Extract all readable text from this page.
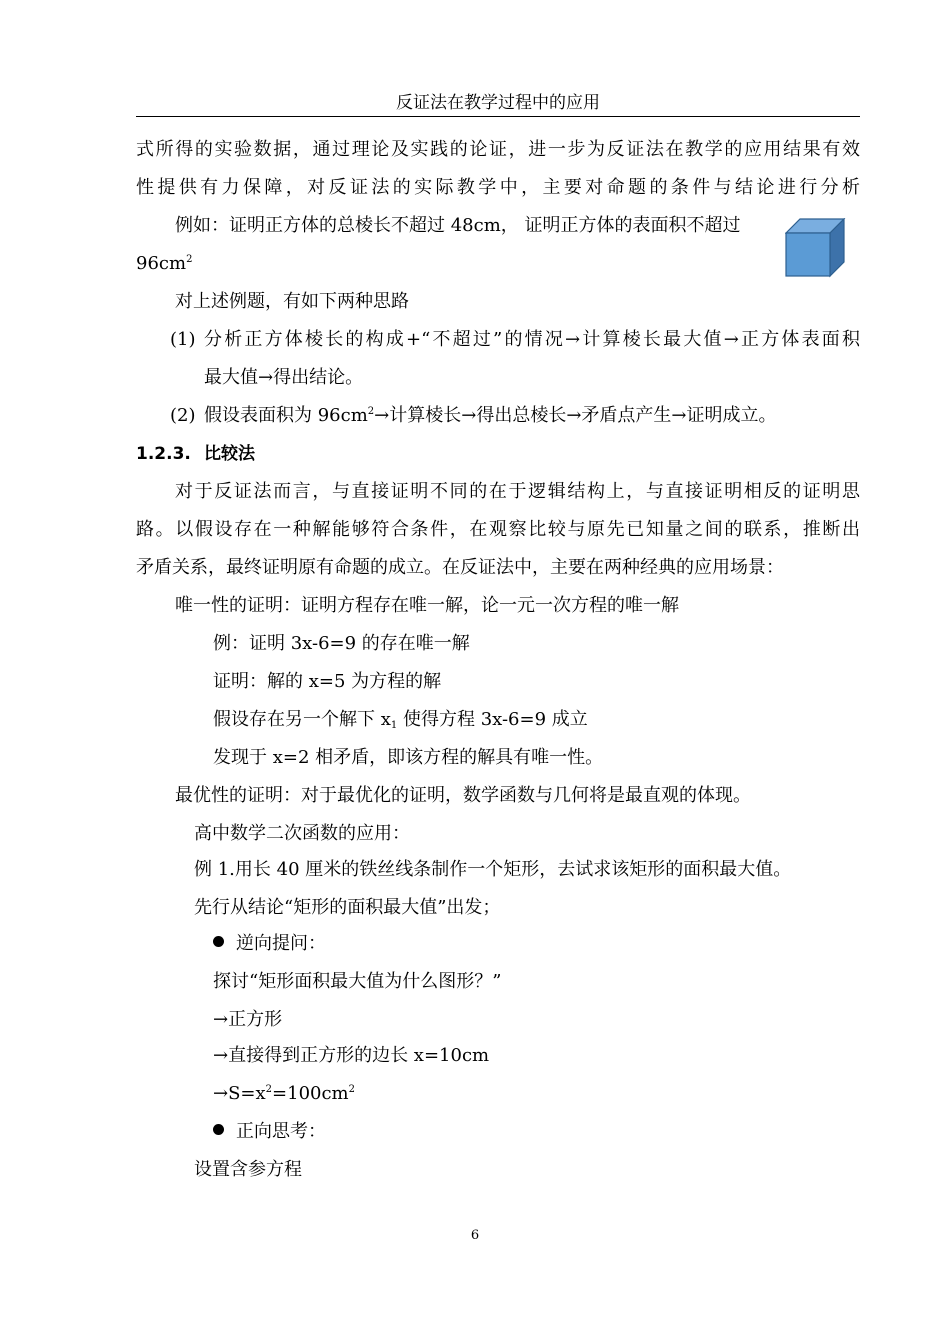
反证法在教学过程中的应用
式所得的实验数据，通过理论及实践的论证，进一步为反证法在教学的应用结果有效
性提供有力保障，对反证法的实际教学中，主要对命题的条件与结论进行分析
例如：证明正方体的总棱长不超过 48cm， 证明正方体的表面积不超过
$96cm^2$
对上述例题，有如下两种思路
(1) 分析正方体棱长的构成+“不超过”的情况→计算棱长最大值→正方体表面积
最大值→得出结论。
(2) 假设表面积为 $96cm^2\to$计算棱长→得出总棱长→矛盾点产生→证明成立。
1.2.3. 比较法
对于反证法而言，与直接证明不同的在于逻辑结构上，与直接证明相反的证明思
路。以假设存在一种解能够符合条件，在观察比较与原先已知量之间的联系，推断出
矛盾关系，最终证明原有命题的成立。在反证法中，主要在两种经典的应用场景：
唯一性的证明：证明方程存在唯一解，论一元一次方程的唯一解
例：证明 3x-6=9 的存在唯一解
证明：解的 x=5 为方程的解
假设存在另一个解下 $x_1$ 使得方程 3x-6=9 成立
发现于 x=2 相矛盾，即该方程的解具有唯一性。
最优性的证明：对于最优化的证明，数学函数与几何将是最直观的体现。
高中数学二次函数的应用：
例 1.用长 40 厘米的铁丝线条制作一个矩形，去试求该矩形的面积最大值。
先行从结论“矩形的面积最大值”出发；
逆向提问：
探讨“矩形面积最大值为什么图形？”
→正方形
→直接得到正方形的边长 x=10cm
$\to S=x^2=100cm^2$
正向思考：
设置含参方程
6
